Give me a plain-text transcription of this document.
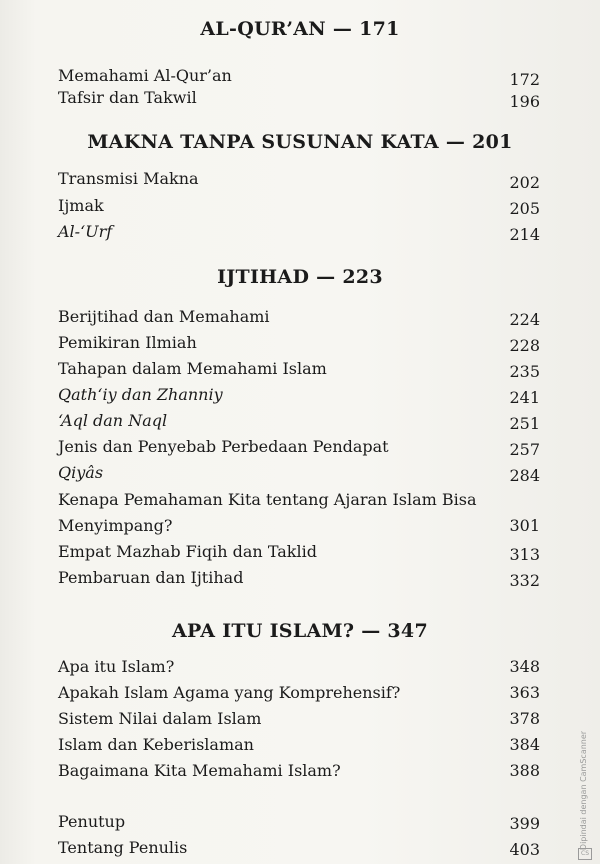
AL-QUR’AN — 171
Memahami Al-Qur’an	172
Tafsir dan Takwil	196
MAKNA TANPA SUSUNAN KATA — 201
Transmisi Makna	202
Ijmak	205
Al-‘Urf	214
IJTIHAD — 223
Berijtihad dan Memahami	224
Pemikiran Ilmiah	228
Tahapan dalam Memahami Islam	235
Qath‘iy dan Zhanniy	241
‘Aql dan Naql	251
Jenis dan Penyebab Perbedaan Pendapat	257
Qiyâs	284
Kenapa Pemahaman Kita tentang Ajaran Islam Bisa Menyimpang?	301
Empat Mazhab Fiqih dan Taklid	313
Pembaruan dan Ijtihad	332
APA ITU ISLAM? — 347
Apa itu Islam?	348
Apakah Islam Agama yang Komprehensif?	363
Sistem Nilai dalam Islam	378
Islam dan Keberislaman	384
Bagaimana Kita Memahami Islam?	388
Penutup	399
Tentang Penulis	403	Dipindai dengan CamScanner
CS
